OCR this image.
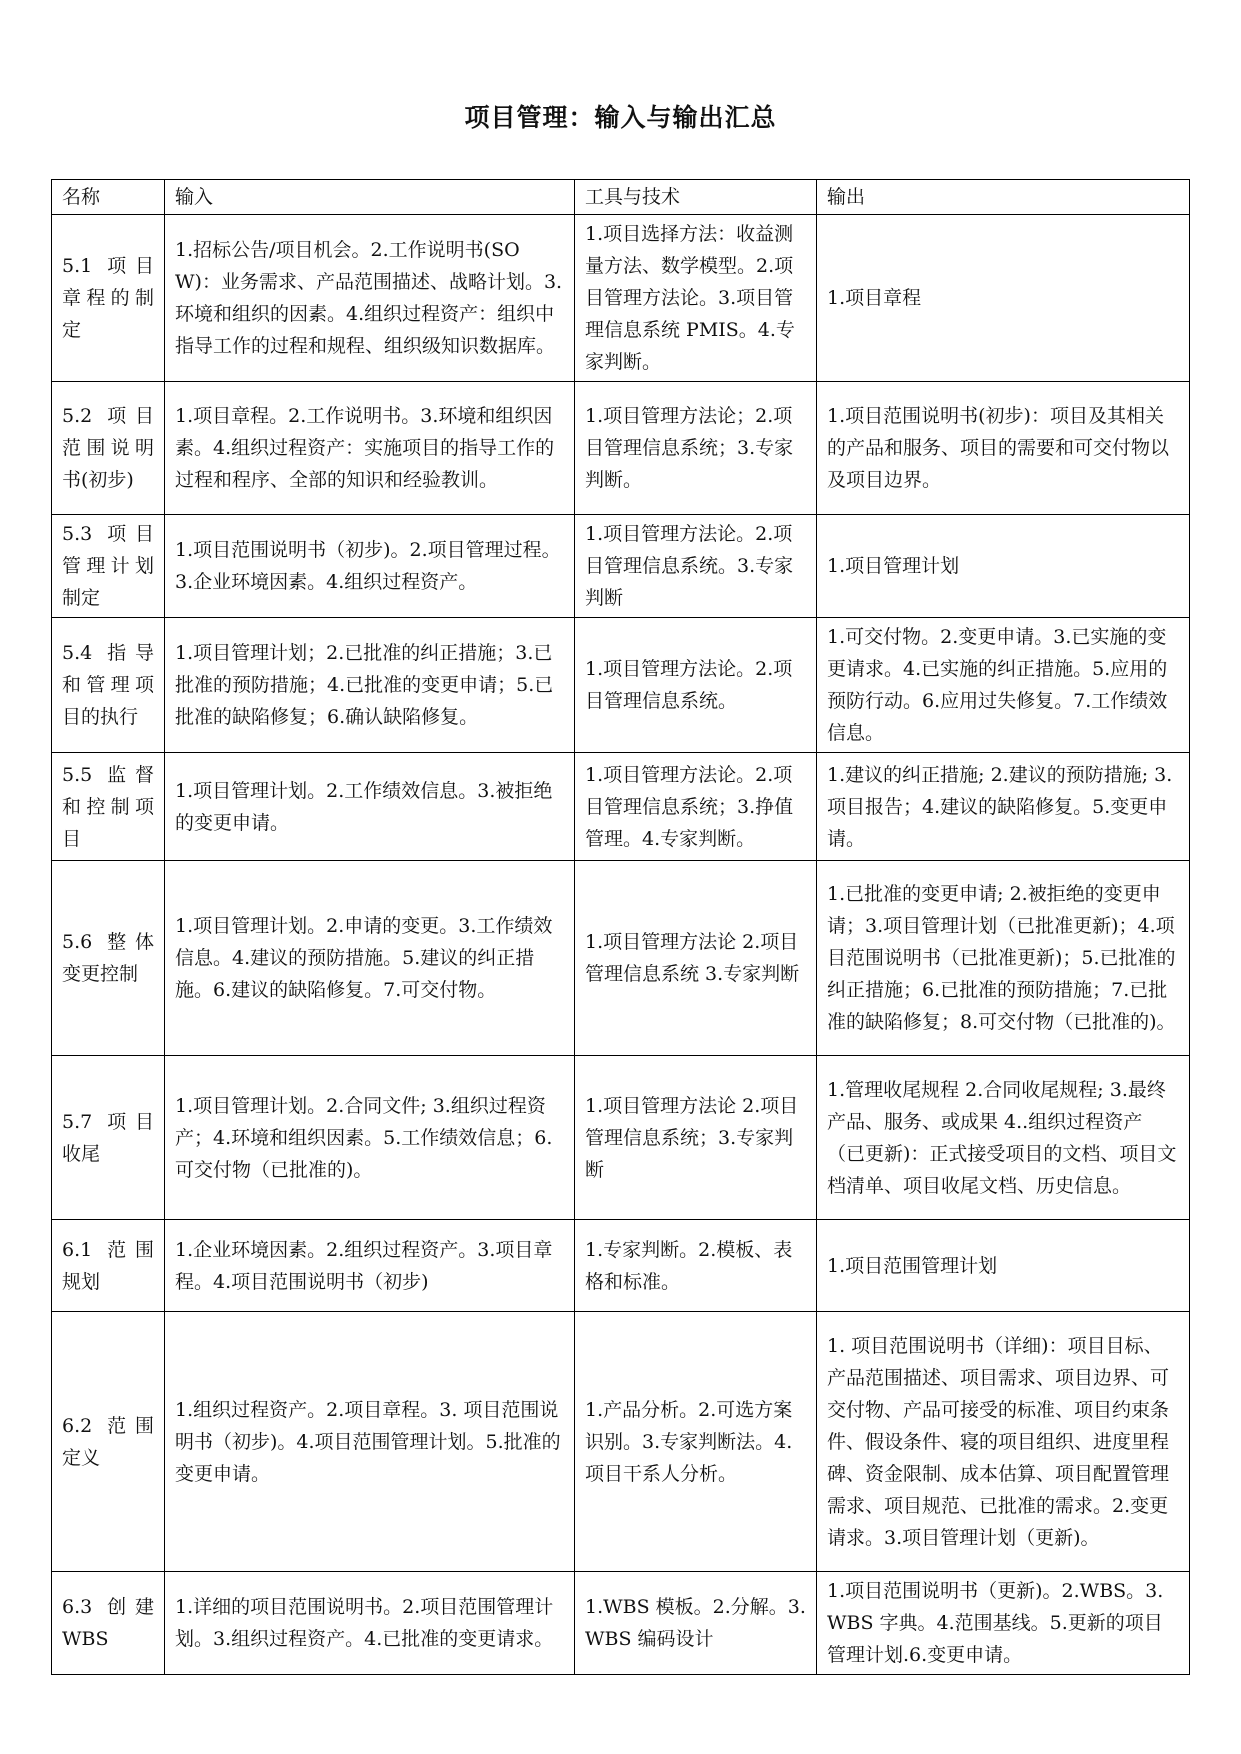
项目管理：输入与输出汇总
名称	输入	工具与技术	输出
5.1 项目章程的制定	1.招标公告/项目机会。2.工作说明书(SOW)：业务需求、产品范围描述、战略计划。3.环境和组织的因素。4.组织过程资产：组织中指导工作的过程和规程、组织级知识数据库。	1.项目选择方法：收益测量方法、数学模型。2.项目管理方法论。3.项目管理信息系统 PMIS。4.专家判断。	1.项目章程
5.2 项目范围说明书(初步)	1.项目章程。2.工作说明书。3.环境和组织因素。4.组织过程资产：实施项目的指导工作的过程和程序、全部的知识和经验教训。	1.项目管理方法论；2.项目管理信息系统；3.专家判断。	1.项目范围说明书(初步)：项目及其相关的产品和服务、项目的需要和可交付物以及项目边界。
5.3 项目管理计划制定	1.项目范围说明书（初步)。2.项目管理过程。3.企业环境因素。4.组织过程资产。	1.项目管理方法论。2.项目管理信息系统。3.专家判断	1.项目管理计划
5.4 指导和管理项目的执行	1.项目管理计划；2.已批准的纠正措施；3.已批准的预防措施；4.已批准的变更申请；5.已批准的缺陷修复；6.确认缺陷修复。	1.项目管理方法论。2.项目管理信息系统。	1.可交付物。2.变更申请。3.已实施的变更请求。4.已实施的纠正措施。5.应用的预防行动。6.应用过失修复。7.工作绩效信息。
5.5 监督和控制项目	1.项目管理计划。2.工作绩效信息。3.被拒绝的变更申请。	1.项目管理方法论。2.项目管理信息系统；3.挣值管理。4.专家判断。	1.建议的纠正措施; 2.建议的预防措施; 3.项目报告；4.建议的缺陷修复。5.变更申请。
5.6 整体变更控制	1.项目管理计划。2.申请的变更。3.工作绩效信息。4.建议的预防措施。5.建议的纠正措施。6.建议的缺陷修复。7.可交付物。	1.项目管理方法论 2.项目管理信息系统 3.专家判断	1.已批准的变更申请; 2.被拒绝的变更申请；3.项目管理计划（已批准更新)；4.项目范围说明书（已批准更新)；5.已批准的纠正措施；6.已批准的预防措施；7.已批准的缺陷修复；8.可交付物（已批准的)。
5.7 项目收尾	1.项目管理计划。2.合同文件; 3.组织过程资产；4.环境和组织因素。5.工作绩效信息；6.可交付物（已批准的)。	1.项目管理方法论 2.项目管理信息系统；3.专家判断	1.管理收尾规程 2.合同收尾规程; 3.最终产品、服务、或成果 4..组织过程资产（已更新)：正式接受项目的文档、项目文档清单、项目收尾文档、历史信息。
6.1 范围规划	1.企业环境因素。2.组织过程资产。3.项目章程。4.项目范围说明书（初步)	1.专家判断。2.模板、表格和标准。	1.项目范围管理计划
6.2 范围定义	1.组织过程资产。2.项目章程。3. 项目范围说明书（初步)。4.项目范围管理计划。5.批准的变更申请。	1.产品分析。2.可选方案识别。3.专家判断法。4.项目干系人分析。	1. 项目范围说明书（详细)：项目目标、产品范围描述、项目需求、项目边界、可交付物、产品可接受的标准、项目约束条件、假设条件、寝的项目组织、进度里程碑、资金限制、成本估算、项目配置管理需求、项目规范、已批准的需求。2.变更请求。3.项目管理计划（更新)。
6.3 创建 WBS	1.详细的项目范围说明书。2.项目范围管理计划。3.组织过程资产。4.已批准的变更请求。	1.WBS 模板。2.分解。3.WBS 编码设计	1.项目范围说明书（更新)。2.WBS。3.WBS 字典。4.范围基线。5.更新的项目管理计划.6.变更申请。
